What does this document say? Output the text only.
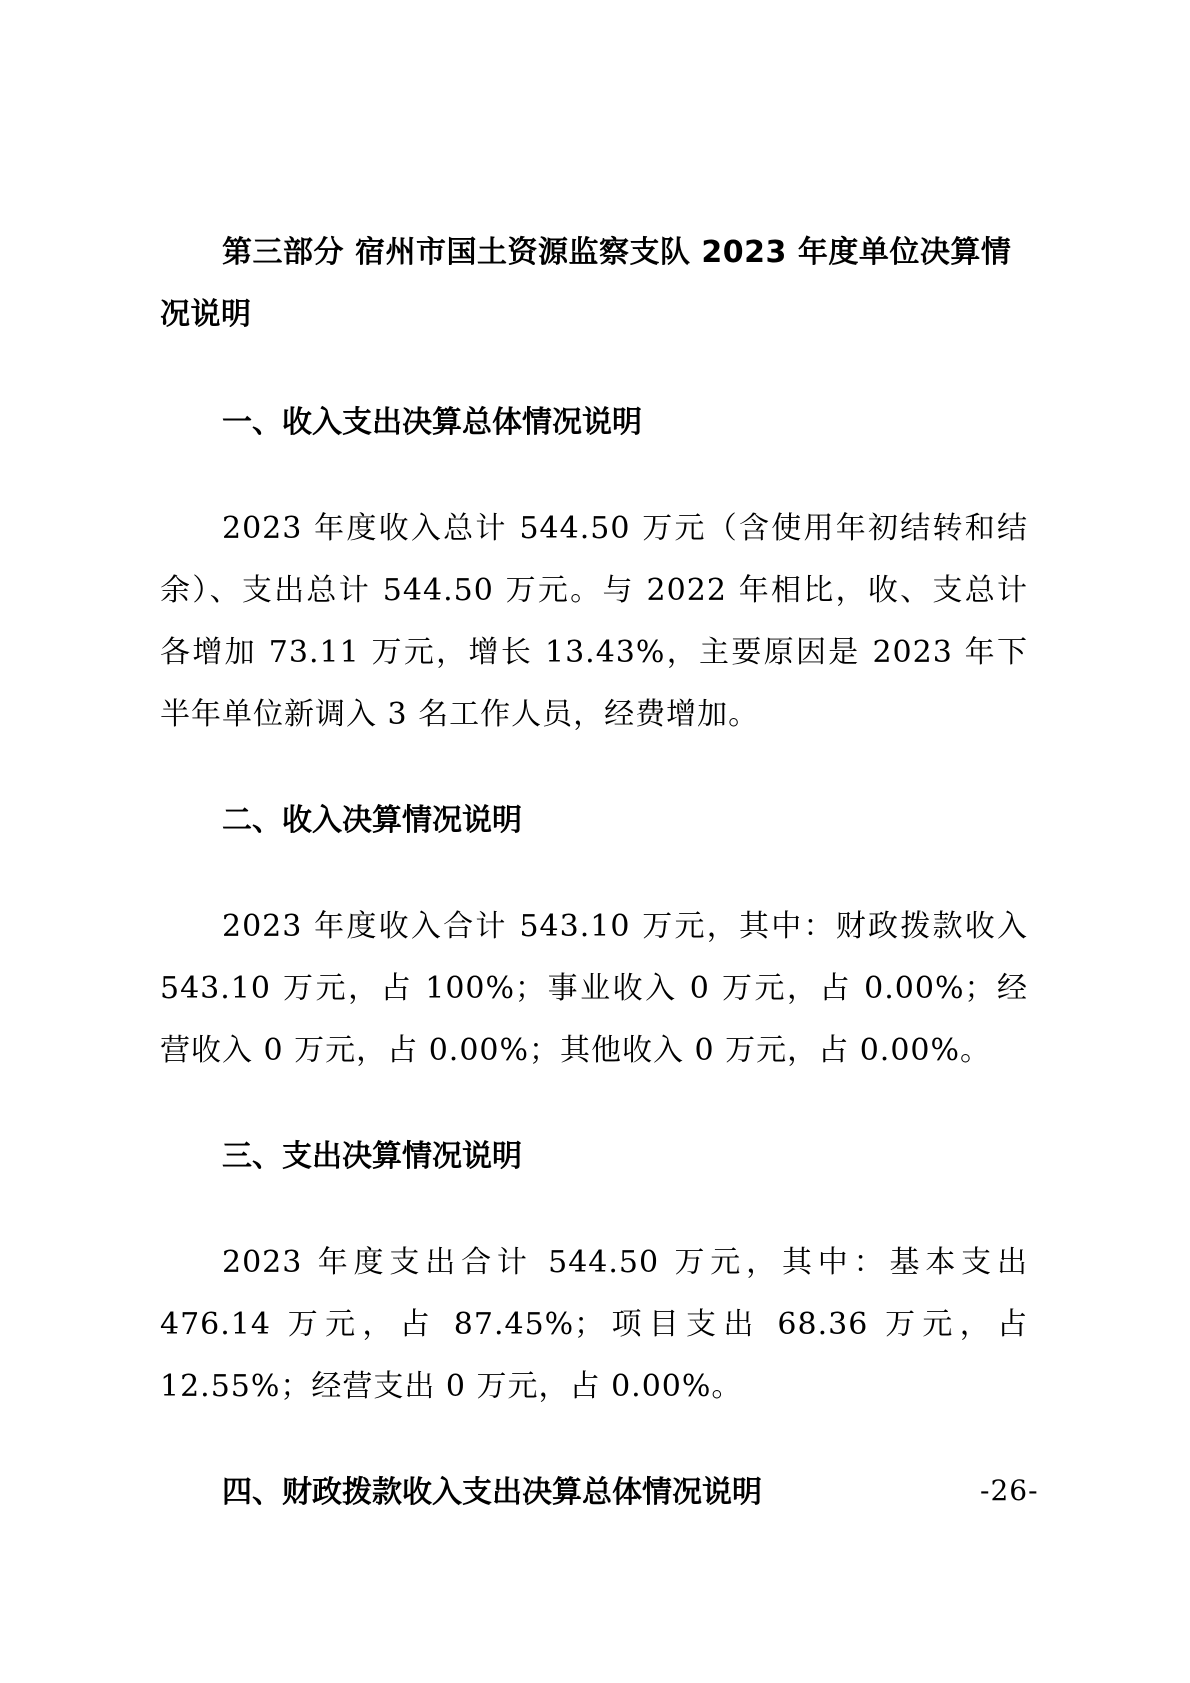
第三部分 宿州市国土资源监察支队 2023 年度单位决算情况说明

一、收入支出决算总体情况说明

2023 年度收入总计 544.50 万元（含使用年初结转和结余）、支出总计 544.50 万元。与 2022 年相比，收、支总计各增加 73.11 万元，增长 13.43%，主要原因是 2023 年下半年单位新调入 3 名工作人员，经费增加。

二、收入决算情况说明

2023 年度收入合计 543.10 万元，其中：财政拨款收入 543.10 万元，占 100%；事业收入 0 万元，占 0.00%；经营收入 0 万元，占 0.00%；其他收入 0 万元，占 0.00%。

三、支出决算情况说明

2023 年度支出合计 544.50 万元，其中：基本支出 476.14 万元，占 87.45%；项目支出 68.36 万元，占 12.55%；经营支出 0 万元，占 0.00%。

四、财政拨款收入支出决算总体情况说明	-26-
